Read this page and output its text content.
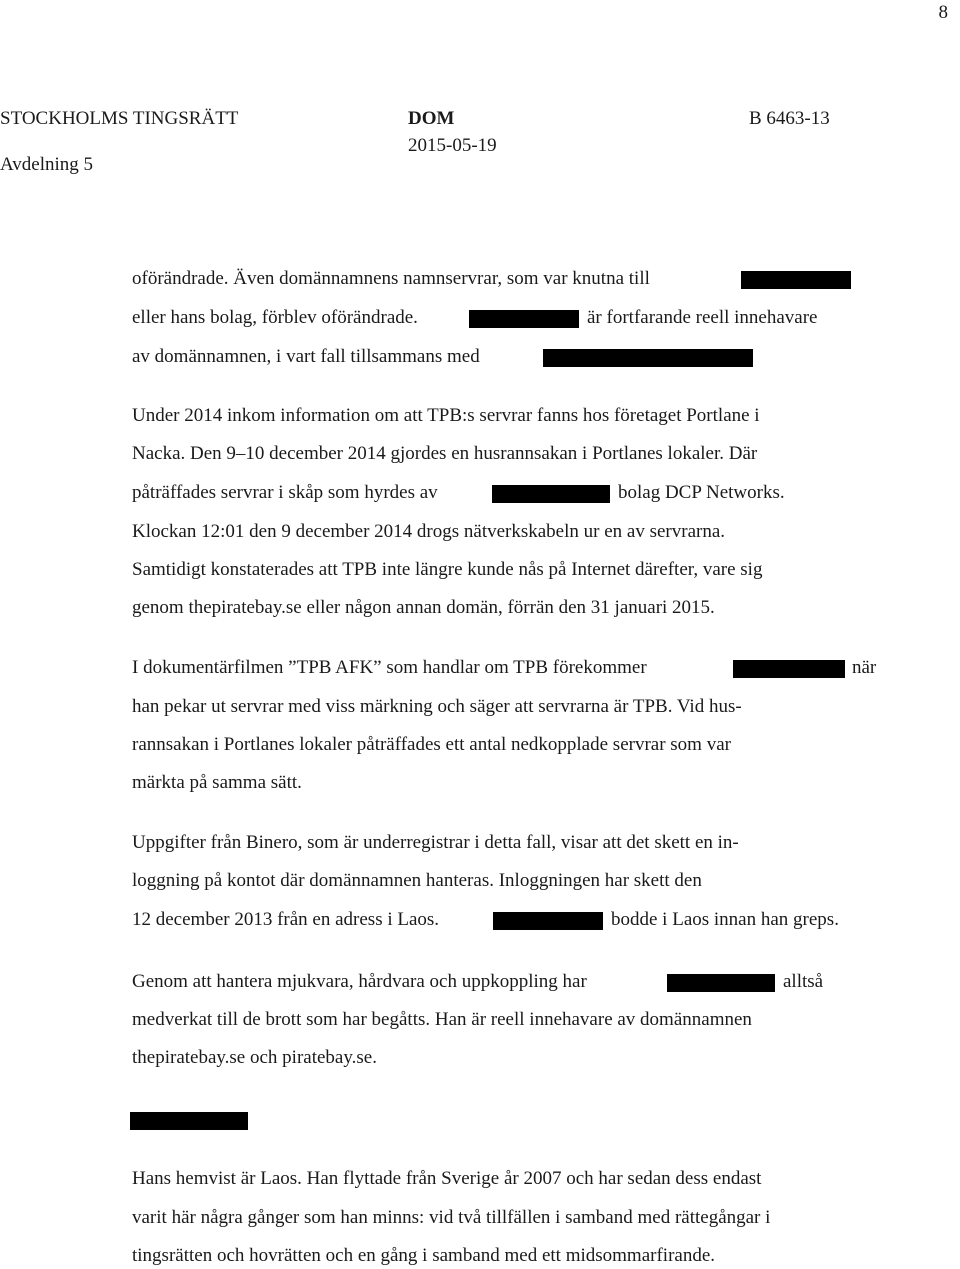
8
STOCKHOLMS TINGSRÄTT
Avdelning 5
DOM
2015-05-19
B 6463-13
oförändrade. Även domännamnens namnservrar, som var knutna till
eller hans bolag, förblev oförändrade.	är fortfarande reell innehavare
av domännamnen, i vart fall tillsammans med
Under 2014 inkom information om att TPB:s servrar fanns hos företaget Portlane i
Nacka. Den 9–10 december 2014 gjordes en husrannsakan i Portlanes lokaler. Där
påträffades servrar i skåp som hyrdes av	bolag DCP Networks.
Klockan 12:01 den 9 december 2014 drogs nätverkskabeln ur en av servrarna.
Samtidigt konstaterades att TPB inte längre kunde nås på Internet därefter, vare sig
genom thepiratebay.se eller någon annan domän, förrän den 31 januari 2015.
I dokumentärfilmen ”TPB AFK” som handlar om TPB förekommer	när
han pekar ut servrar med viss märkning och säger att servrarna är TPB. Vid hus-
rannsakan i Portlanes lokaler påträffades ett antal nedkopplade servrar som var
märkta på samma sätt.
Uppgifter från Binero, som är underregistrar i detta fall, visar att det skett en in-
loggning på kontot där domännamnen hanteras. Inloggningen har skett den
12 december 2013 från en adress i Laos.	bodde i Laos innan han greps.
Genom att hantera mjukvara, hårdvara och uppkoppling har	alltså
medverkat till de brott som har begåtts. Han är reell innehavare av domännamnen
thepiratebay.se och piratebay.se.
Hans hemvist är Laos. Han flyttade från Sverige år 2007 och har sedan dess endast
varit här några gånger som han minns: vid två tillfällen i samband med rättegångar i
tingsrätten och hovrätten och en gång i samband med ett midsommarfirande.
